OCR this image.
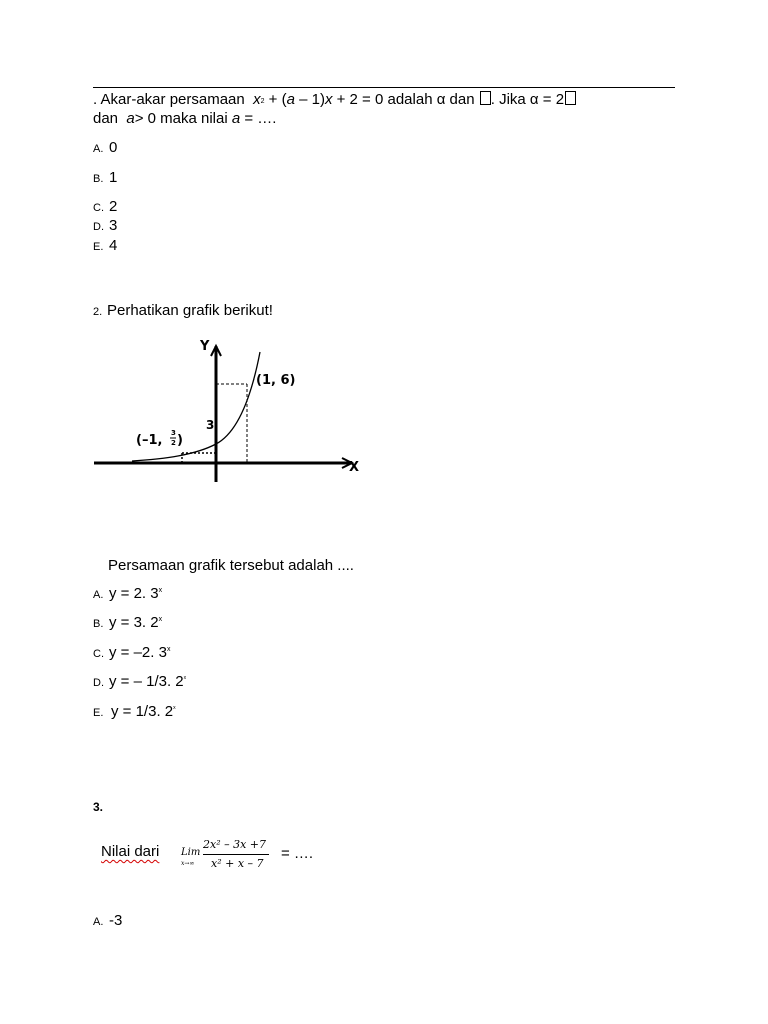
. Akar-akar persamaan $x^2 + (a - 1)x + 2 = 0$ adalah α dan . Jika α = 2
dan a> 0 maka nilai a = ….
A. 0
B. 1
C. 2
D. 3
E. 4
2. Perhatikan grafik berikut!
Y
X
(1, 6)
3
(–1, 3
2 )
Persamaan grafik tersebut adalah ....
A. y = 2. 3$^x$
B. y = 3. 2$^x$
C. y = –2. 3$^x$
D. y = – 1/3. 2$^x$
E. y = 1/3. 2$^x$
3.
Nilai dari Lim
x→∞
2x² – 3x +7
x² + x – 7
= ….
A. -3
